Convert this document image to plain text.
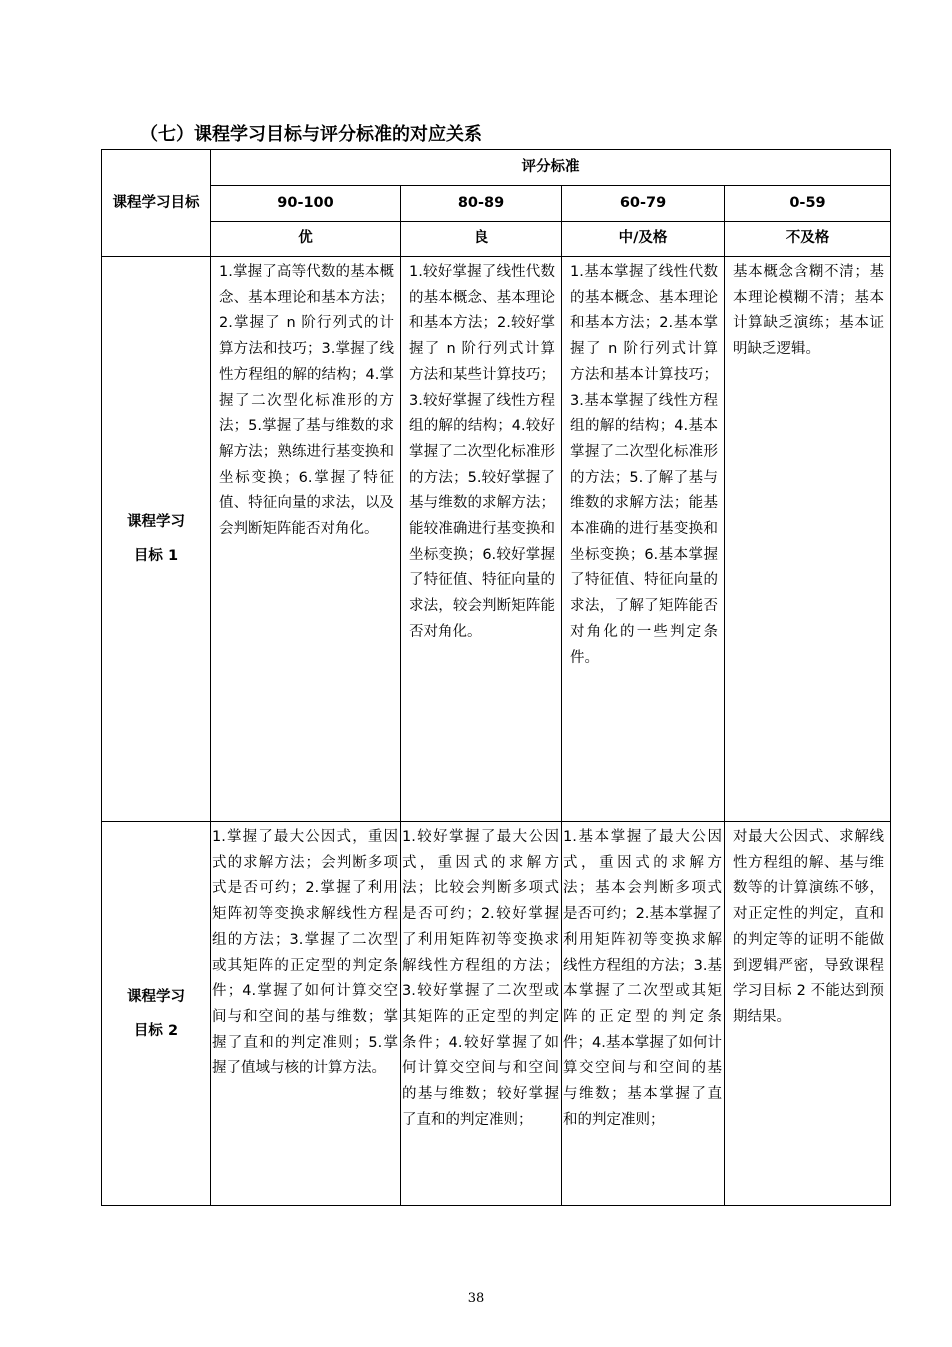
（七）课程学习目标与评分标准的对应关系
课程学习目标	评分标准			
	90-100	80-89	60-79	0-59
	优	良	中/及格	不及格

课程学习
目标 1	1.掌握了高等代数的基本概念、基本理论和基本方法；2.掌握了 n 阶行列式的计算方法和技巧；3.掌握了线性方程组的解的结构；4.掌握了二次型化标准形的方法；5.掌握了基与维数的求解方法；熟练进行基变换和坐标变换；6.掌握了特征值、特征向量的求法，以及会判断矩阵能否对角化。	1.较好掌握了线性代数的基本概念、基本理论和基本方法；2.较好掌握了 n 阶行列式计算方法和某些计算技巧；3.较好掌握了线性方程组的解的结构；4.较好掌握了二次型化标准形的方法；5.较好掌握了基与维数的求解方法；能较准确进行基变换和坐标变换；6.较好掌握了特征值、特征向量的求法，较会判断矩阵能否对角化。	1.基本掌握了线性代数的基本概念、基本理论和基本方法；2.基本掌握了 n 阶行列式计算方法和基本计算技巧；3.基本掌握了线性方程组的解的结构；4.基本掌握了二次型化标准形的方法；5.了解了基与维数的求解方法；能基本准确的进行基变换和坐标变换；6.基本掌握了特征值、特征向量的求法，了解了矩阵能否对角化的一些判定条件。	基本概念含糊不清；基本理论模糊不清；基本计算缺乏演练；基本证明缺乏逻辑。

课程学习
目标 2	1.掌握了最大公因式，重因式的求解方法；会判断多项式是否可约；2.掌握了利用矩阵初等变换求解线性方程组的方法；3.掌握了二次型或其矩阵的正定型的判定条件；4.掌握了如何计算交空间与和空间的基与维数；掌握了直和的判定准则；5.掌握了值域与核的计算方法。	1.较好掌握了最大公因式，重因式的求解方法；比较会判断多项式是否可约；2.较好掌握了利用矩阵初等变换求解线性方程组的方法；3.较好掌握了二次型或其矩阵的正定型的判定条件；4.较好掌握了如何计算交空间与和空间的基与维数；较好掌握了直和的判定准则；	1.基本掌握了最大公因式，重因式的求解方法；基本会判断多项式是否可约；2.基本掌握了利用矩阵初等变换求解线性方程组的方法；3.基本掌握了二次型或其矩阵的正定型的判定条件；4.基本掌握了如何计算交空间与和空间的基与维数；基本掌握了直和的判定准则；	对最大公因式、求解线性方程组的解、基与维数等的计算演练不够，对正定性的判定，直和的判定等的证明不能做到逻辑严密，导致课程学习目标 2 不能达到预期结果。
38
